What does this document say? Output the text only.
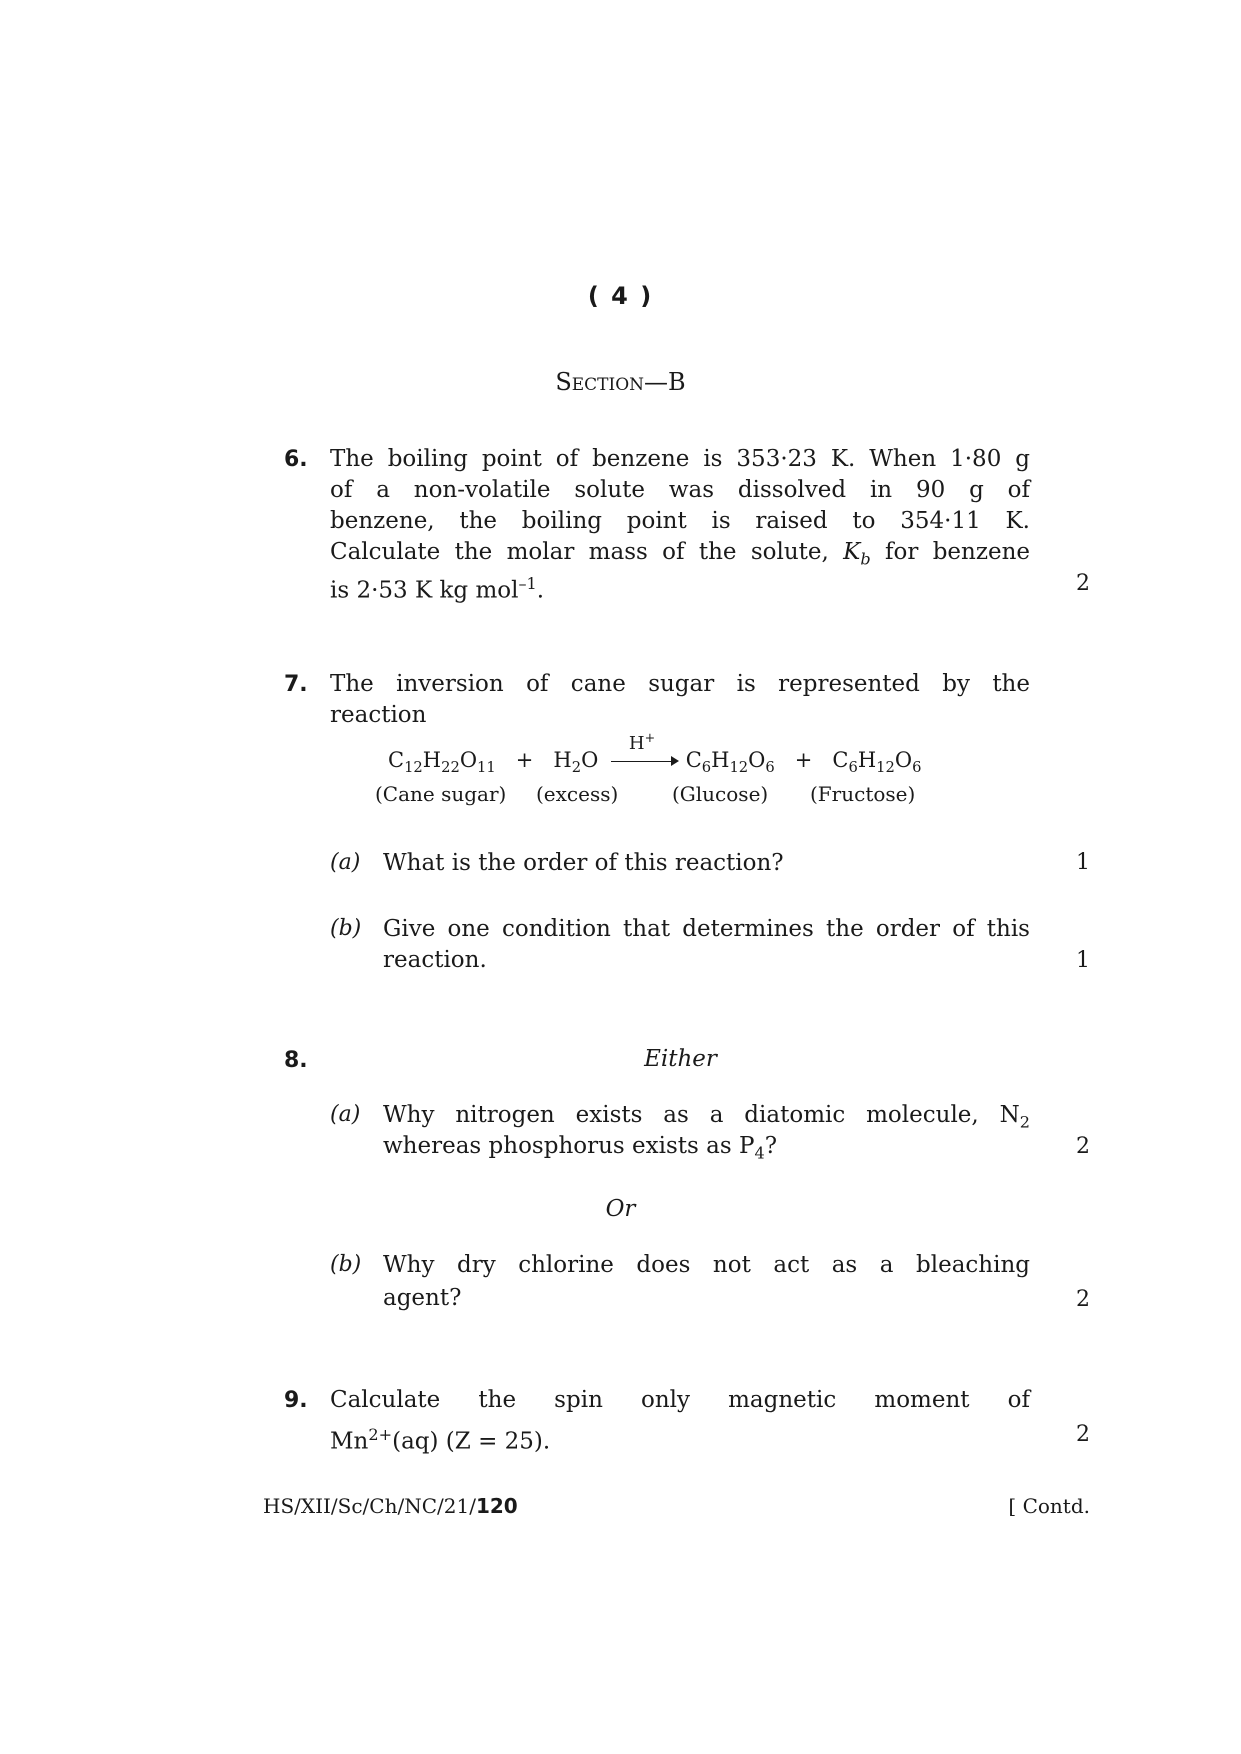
( 4 )
Section—B
6. The boiling point of benzene is 353·23 K. When 1·80 g
of a non-volatile solute was dissolved in 90 g of
benzene, the boiling point is raised to 354·11 K.
Calculate the molar mass of the solute, $K_b$ for benzene
is 2·53 K kg mol$^{-1}$.	2
7. The inversion of cane sugar is represented by the
reaction
$C_{12}H_{22}O_{11} + H_2O$
H+
$C_6H_{12}O_6 + C_6H_{12}O_6$
(Cane sugar) (excess)	(Glucose) (Fructose)
(a) What is the order of this reaction?	1
(b) Give one condition that determines the order of this
reaction.	1
8.	Either
(a) Why nitrogen exists as a diatomic molecule, $N_2$
whereas phosphorus exists as $P_4$?	2
Or
(b) Why dry chlorine does not act as a bleaching
agent?	2
9. Calculate the spin only magnetic moment of
$Mn^{2+}(aq) (Z = 25)$.	2
HS/XII/Sc/Ch/NC/21/120	[ Contd.
